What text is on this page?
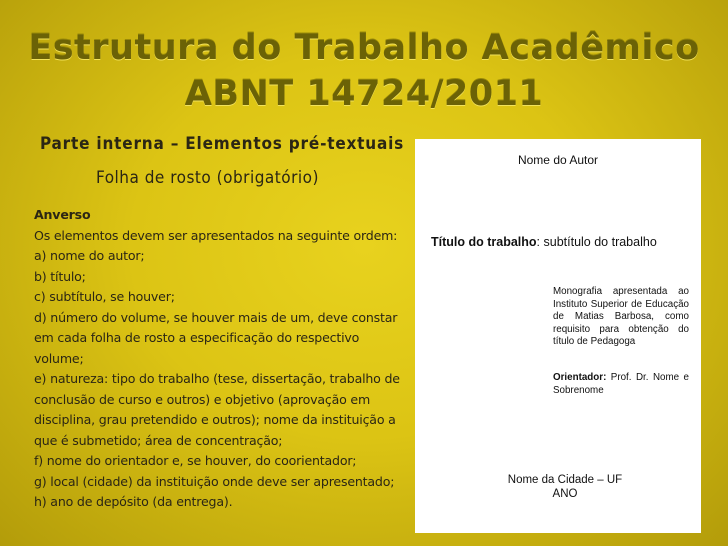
Estrutura do Trabalho Acadêmico
ABNT 14724/2011
Parte interna – Elementos pré-textuais
Folha de rosto (obrigatório)
Anverso
Os elementos devem ser apresentados na seguinte ordem:
a) nome do autor;
b) título;
c) subtítulo, se houver;
d) número do volume, se houver mais de um, deve constar
em cada folha de rosto a especificação do respectivo
volume;
e) natureza: tipo do trabalho (tese, dissertação, trabalho de
conclusão de curso e outros) e objetivo (aprovação em
disciplina, grau pretendido e outros); nome da instituição a
que é submetido; área de concentração;
f) nome do orientador e, se houver, do coorientador;
g) local (cidade) da instituição onde deve ser apresentado;
h) ano de depósito (da entrega).
Nome do Autor
Título do trabalho: subtítulo do trabalho
Monografia apresentada ao Instituto Superior de Educação de Matias Barbosa, como requisito para obtenção do título de Pedagoga
Orientador: Prof. Dr. Nome e Sobrenome
Nome da Cidade – UF
ANO
